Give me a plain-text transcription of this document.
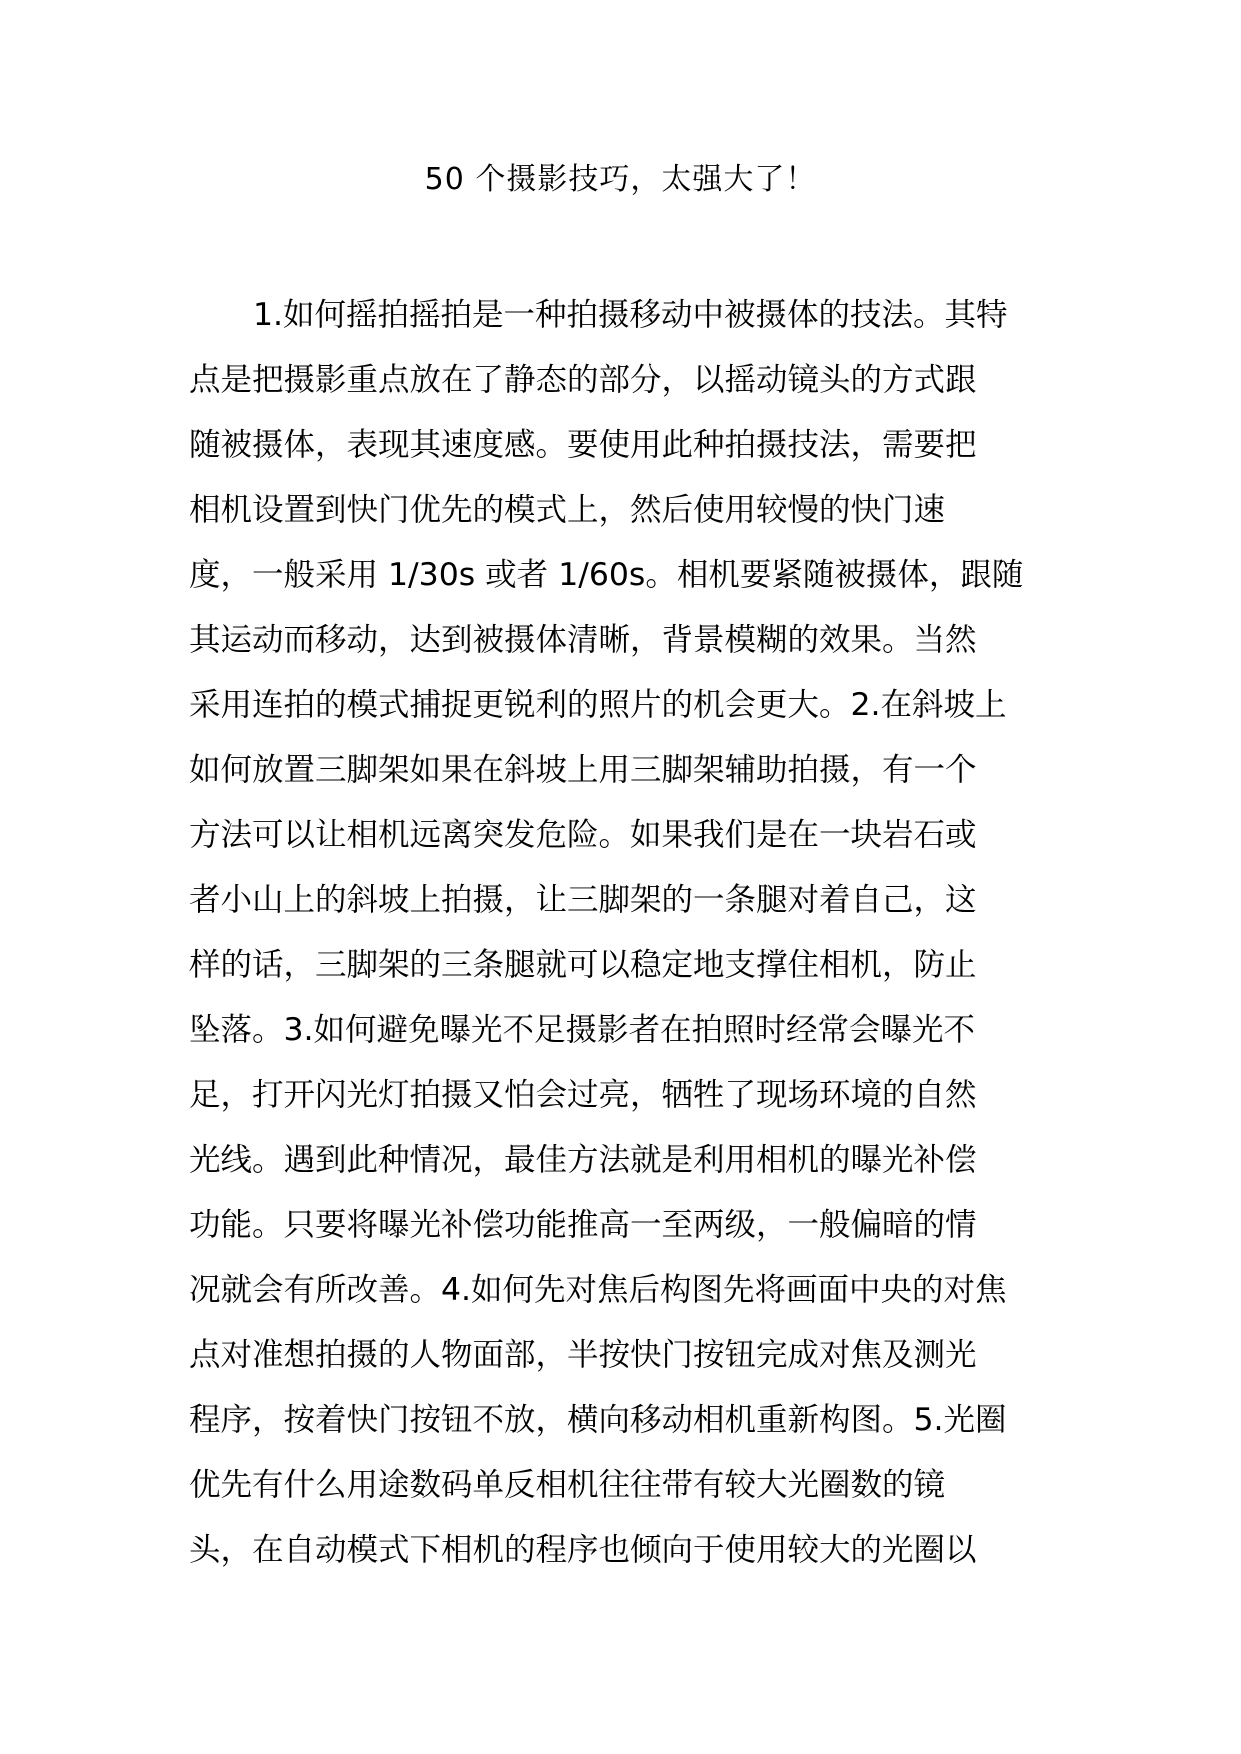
50 个摄影技巧，太强大了！
1.如何摇拍摇拍是一种拍摄移动中被摄体的技法。其特
点是把摄影重点放在了静态的部分，以摇动镜头的方式跟
随被摄体，表现其速度感。要使用此种拍摄技法，需要把
相机设置到快门优先的模式上，然后使用较慢的快门速
度，一般采用 1/30s 或者 1/60s。相机要紧随被摄体，跟随
其运动而移动，达到被摄体清晰，背景模糊的效果。当然
采用连拍的模式捕捉更锐利的照片的机会更大。2.在斜坡上
如何放置三脚架如果在斜坡上用三脚架辅助拍摄，有一个
方法可以让相机远离突发危险。如果我们是在一块岩石或
者小山上的斜坡上拍摄，让三脚架的一条腿对着自己，这
样的话，三脚架的三条腿就可以稳定地支撑住相机，防止
坠落。3.如何避免曝光不足摄影者在拍照时经常会曝光不
足，打开闪光灯拍摄又怕会过亮，牺牲了现场环境的自然
光线。遇到此种情况，最佳方法就是利用相机的曝光补偿
功能。只要将曝光补偿功能推高一至两级，一般偏暗的情
况就会有所改善。4.如何先对焦后构图先将画面中央的对焦
点对准想拍摄的人物面部，半按快门按钮完成对焦及测光
程序，按着快门按钮不放，横向移动相机重新构图。5.光圈
优先有什么用途数码单反相机往往带有较大光圈数的镜
头，在自动模式下相机的程序也倾向于使用较大的光圈以
